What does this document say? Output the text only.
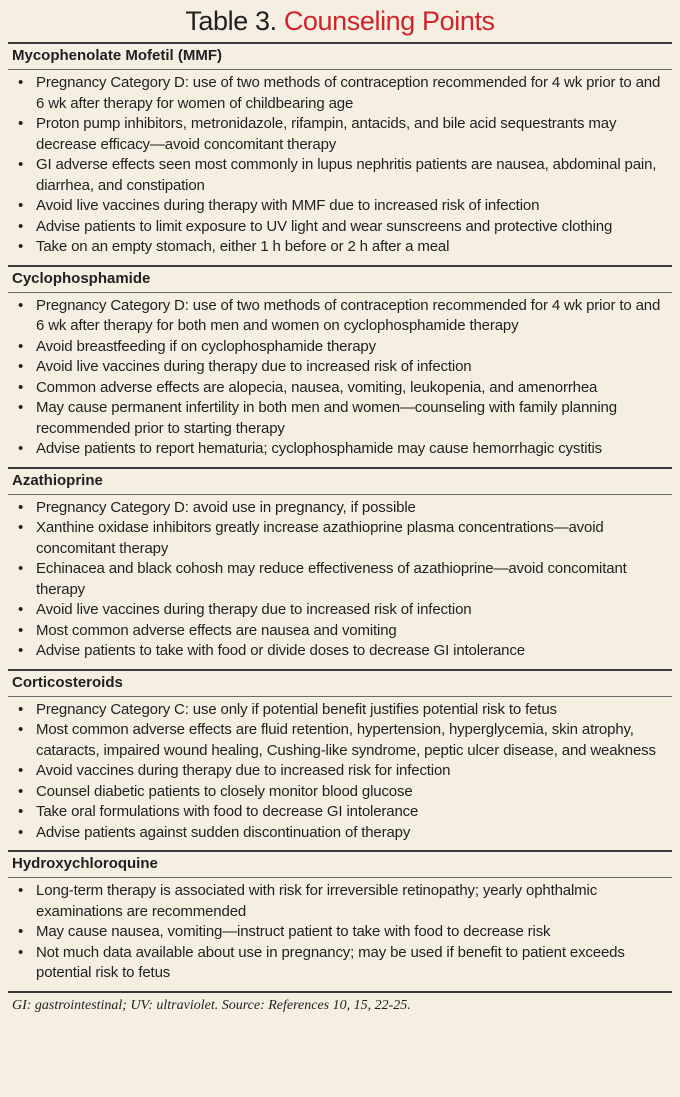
Table 3. Counseling Points
Mycophenolate Mofetil (MMF)
• Pregnancy Category D: use of two methods of contraception recommended for 4 wk prior to and 6 wk after therapy for women of childbearing age
• Proton pump inhibitors, metronidazole, rifampin, antacids, and bile acid sequestrants may decrease efficacy—avoid concomitant therapy
• GI adverse effects seen most commonly in lupus nephritis patients are nausea, abdominal pain, diarrhea, and constipation
• Avoid live vaccines during therapy with MMF due to increased risk of infection
• Advise patients to limit exposure to UV light and wear sunscreens and protective clothing
• Take on an empty stomach, either 1 h before or 2 h after a meal
Cyclophosphamide
• Pregnancy Category D: use of two methods of contraception recommended for 4 wk prior to and 6 wk after therapy for both men and women on cyclophosphamide therapy
• Avoid breastfeeding if on cyclophosphamide therapy
• Avoid live vaccines during therapy due to increased risk of infection
• Common adverse effects are alopecia, nausea, vomiting, leukopenia, and amenorrhea
• May cause permanent infertility in both men and women—counseling with family planning recommended prior to starting therapy
• Advise patients to report hematuria; cyclophosphamide may cause hemorrhagic cystitis
Azathioprine
• Pregnancy Category D: avoid use in pregnancy, if possible
• Xanthine oxidase inhibitors greatly increase azathioprine plasma concentrations—avoid concomitant therapy
• Echinacea and black cohosh may reduce effectiveness of azathioprine—avoid concomitant therapy
• Avoid live vaccines during therapy due to increased risk of infection
• Most common adverse effects are nausea and vomiting
• Advise patients to take with food or divide doses to decrease GI intolerance
Corticosteroids
• Pregnancy Category C: use only if potential benefit justifies potential risk to fetus
• Most common adverse effects are fluid retention, hypertension, hyperglycemia, skin atrophy, cataracts, impaired wound healing, Cushing-like syndrome, peptic ulcer disease, and weakness
• Avoid vaccines during therapy due to increased risk for infection
• Counsel diabetic patients to closely monitor blood glucose
• Take oral formulations with food to decrease GI intolerance
• Advise patients against sudden discontinuation of therapy
Hydroxychloroquine
• Long-term therapy is associated with risk for irreversible retinopathy; yearly ophthalmic examinations are recommended
• May cause nausea, vomiting—instruct patient to take with food to decrease risk
• Not much data available about use in pregnancy; may be used if benefit to patient exceeds potential risk to fetus
GI: gastrointestinal; UV: ultraviolet. Source: References 10, 15, 22-25.
